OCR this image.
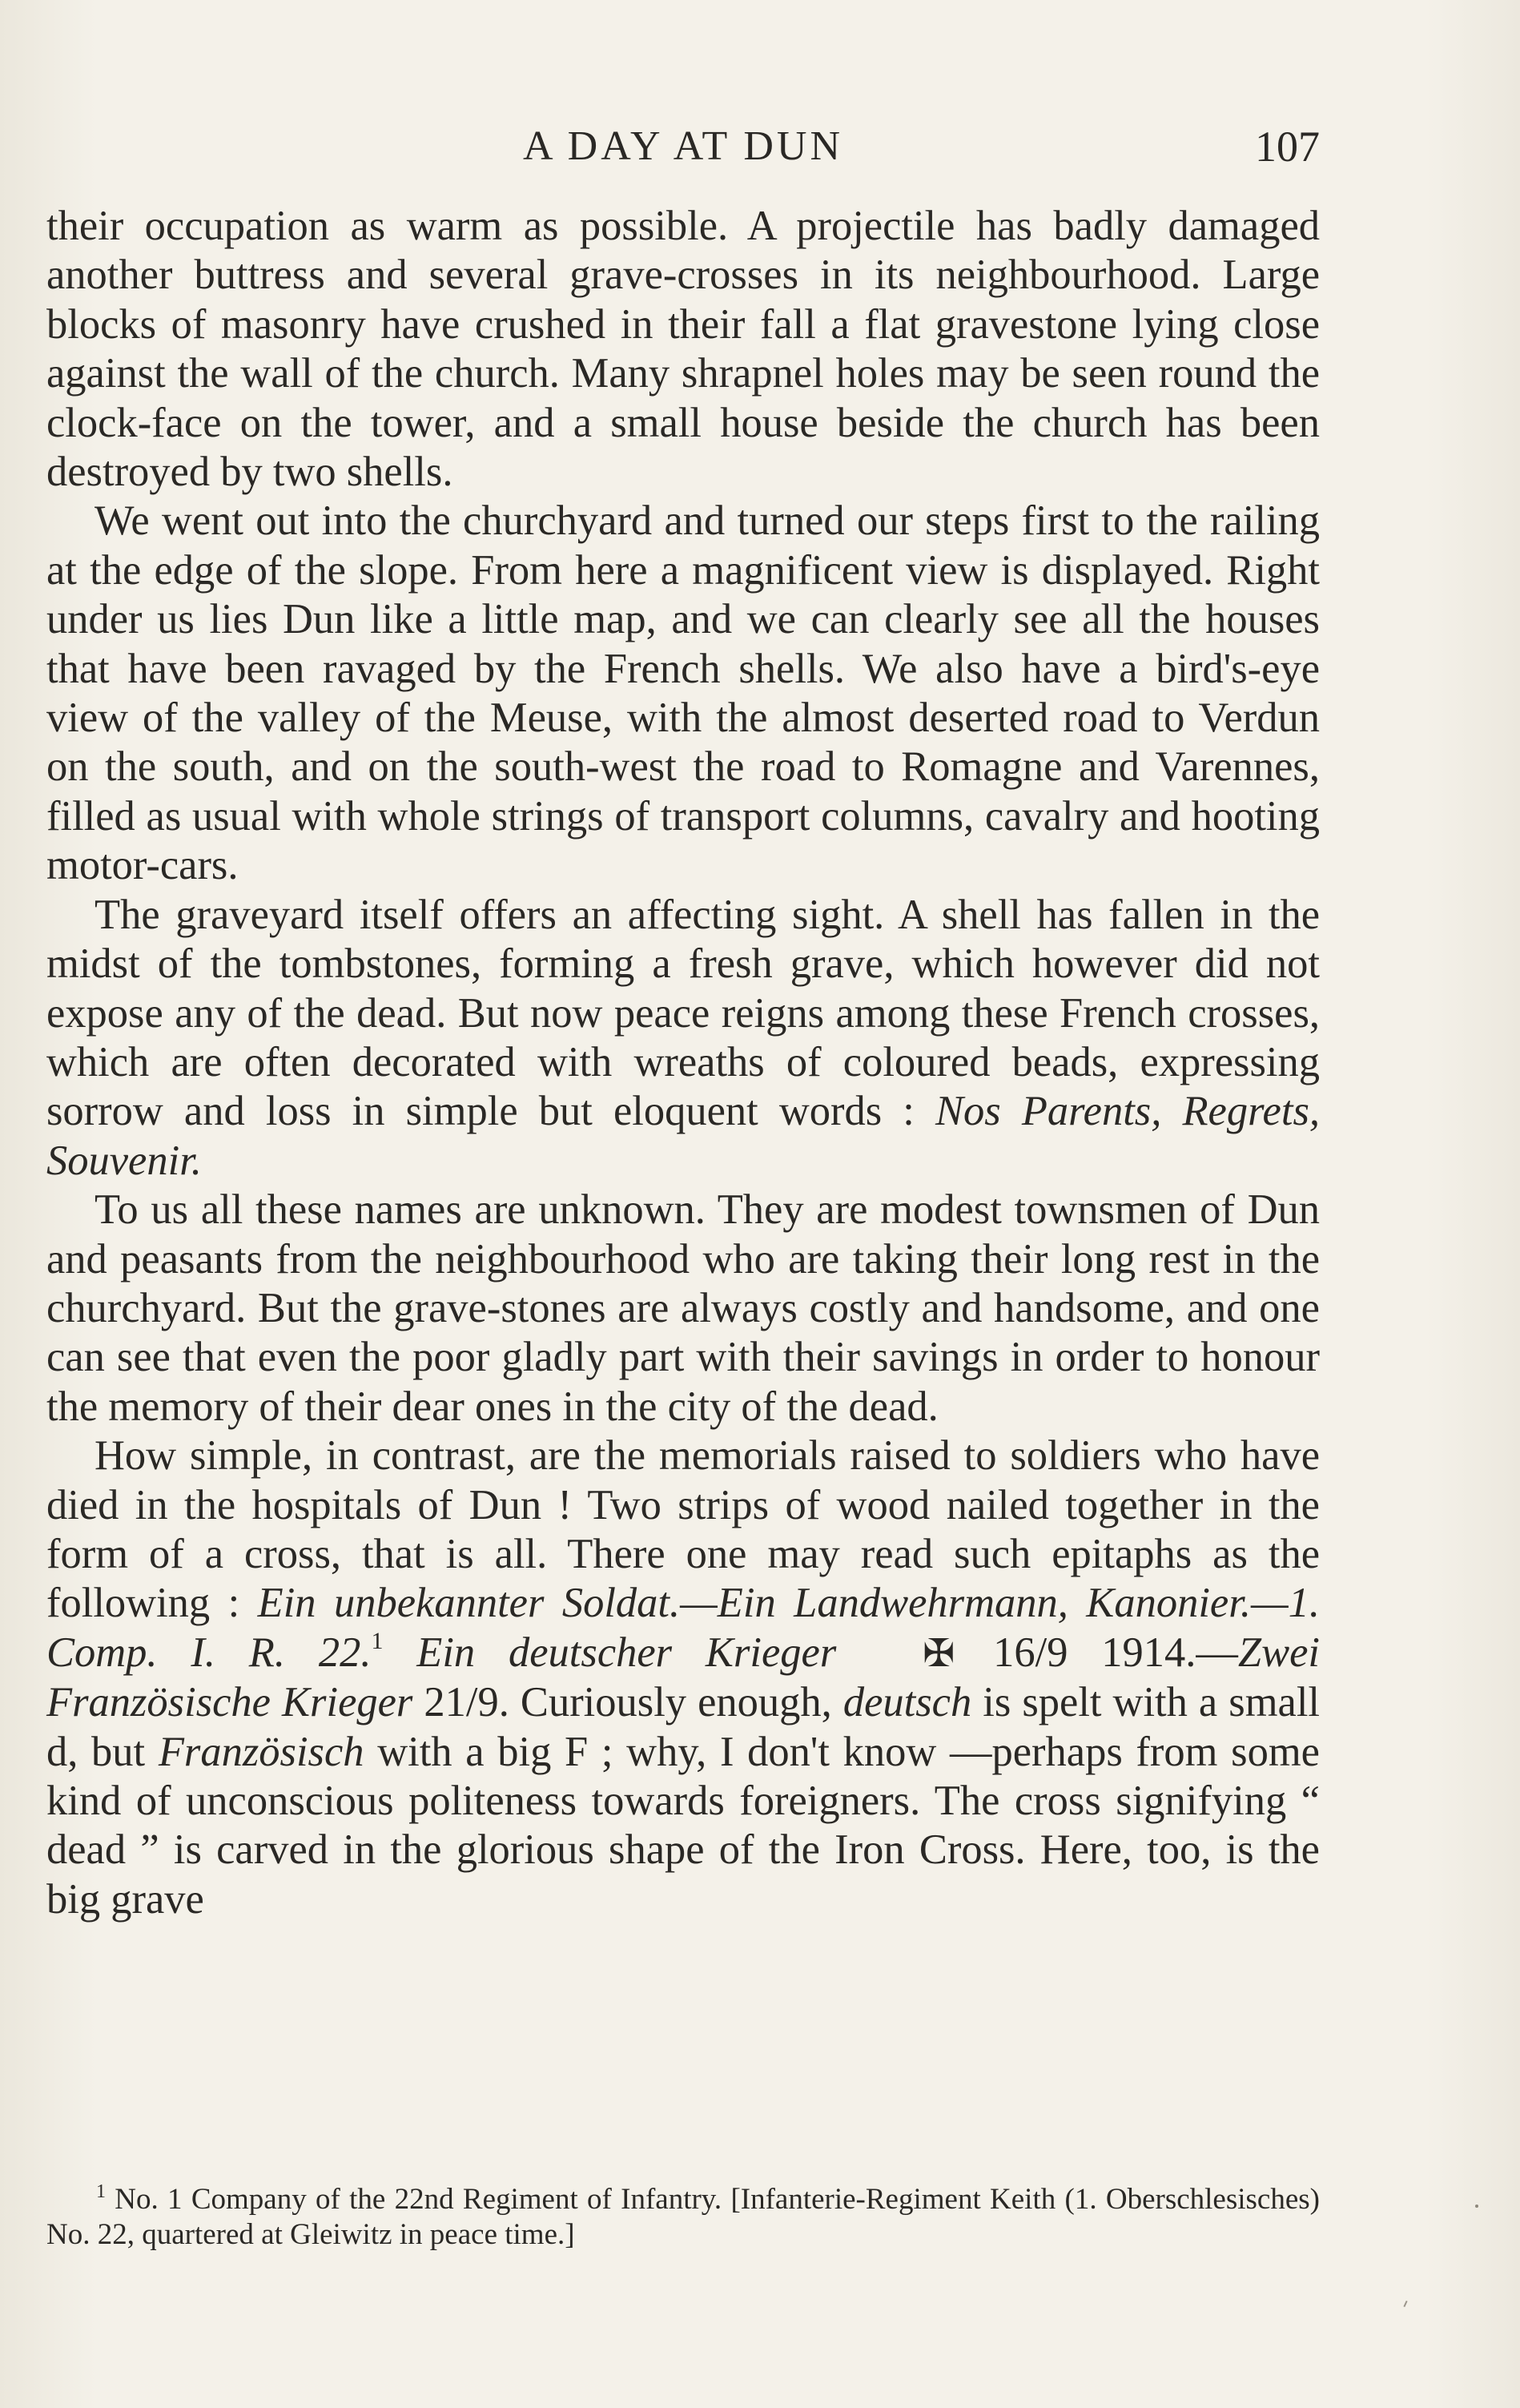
A DAY AT DUN	107

their occupation as warm as possible. A projectile has badly damaged another buttress and several grave-crosses in its neighbourhood. Large blocks of masonry have crushed in their fall a flat gravestone lying close against the wall of the church. Many shrapnel holes may be seen round the clock-face on the tower, and a small house beside the church has been destroyed by two shells.

We went out into the churchyard and turned our steps first to the railing at the edge of the slope. From here a magnificent view is displayed. Right under us lies Dun like a little map, and we can clearly see all the houses that have been ravaged by the French shells. We also have a bird's-eye view of the valley of the Meuse, with the almost deserted road to Verdun on the south, and on the south-west the road to Romagne and Varennes, filled as usual with whole strings of transport columns, cavalry and hooting motor-cars.

The graveyard itself offers an affecting sight. A shell has fallen in the midst of the tombstones, forming a fresh grave, which however did not expose any of the dead. But now peace reigns among these French crosses, which are often decorated with wreaths of coloured beads, expressing sorrow and loss in simple but eloquent words : Nos Parents, Regrets, Souvenir.

To us all these names are unknown. They are modest townsmen of Dun and peasants from the neighbourhood who are taking their long rest in the churchyard. But the grave-stones are always costly and handsome, and one can see that even the poor gladly part with their savings in order to honour the memory of their dear ones in the city of the dead.

How simple, in contrast, are the memorials raised to soldiers who have died in the hospitals of Dun ! Two strips of wood nailed together in the form of a cross, that is all. There one may read such epitaphs as the following : Ein unbekannter Soldat.—Ein Landwehrmann, Kanonier.—1. Comp. I. R. 22.$^1$ Ein deutscher Krieger ✠ 16/9 1914.—Zwei Französische Krieger 21/9. Curiously enough, deutsch is spelt with a small d, but Französisch with a big F ; why, I don't know —perhaps from some kind of unconscious politeness towards foreigners. The cross signifying “ dead ” is carved in the glorious shape of the Iron Cross. Here, too, is the big grave

$^1$ No. 1 Company of the 22nd Regiment of Infantry. [Infanterie-Regiment Keith (1. Oberschlesisches) No. 22, quartered at Gleiwitz in peace time.]
